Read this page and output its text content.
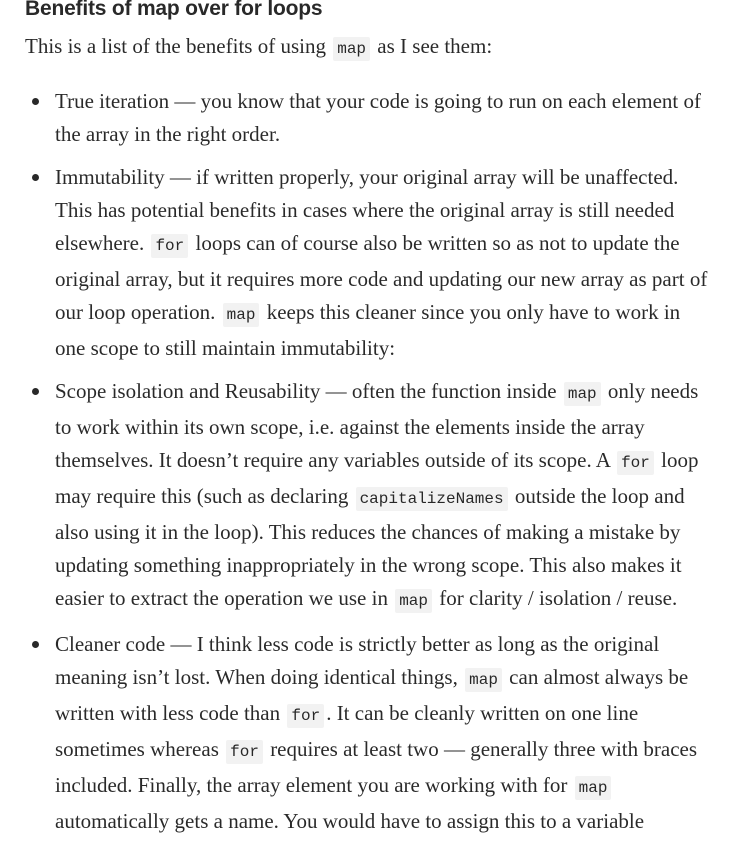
Benefits of map over for loops

This is a list of the benefits of using map as I see them:

True iteration — you know that your code is going to run on each element of the array in the right order.
Immutability — if written properly, your original array will be unaffected. This has potential benefits in cases where the original array is still needed elsewhere. for loops can of course also be written so as not to update the original array, but it requires more code and updating our new array as part of our loop operation. map keeps this cleaner since you only have to work in one scope to still maintain immutability:
Scope isolation and Reusability — often the function inside map only needs to work within its own scope, i.e. against the elements inside the array themselves. It doesn’t require any variables outside of its scope. A for loop may require this (such as declaring capitalizeNames outside the loop and also using it in the loop). This reduces the chances of making a mistake by updating something inappropriately in the wrong scope. This also makes it easier to extract the operation we use in map for clarity / isolation / reuse.
Cleaner code — I think less code is strictly better as long as the original meaning isn’t lost. When doing identical things, map can almost always be written with less code than for . It can be cleanly written on one line sometimes whereas for requires at least two — generally three with braces included. Finally, the array element you are working with for map automatically gets a name. You would have to assign this to a variable
